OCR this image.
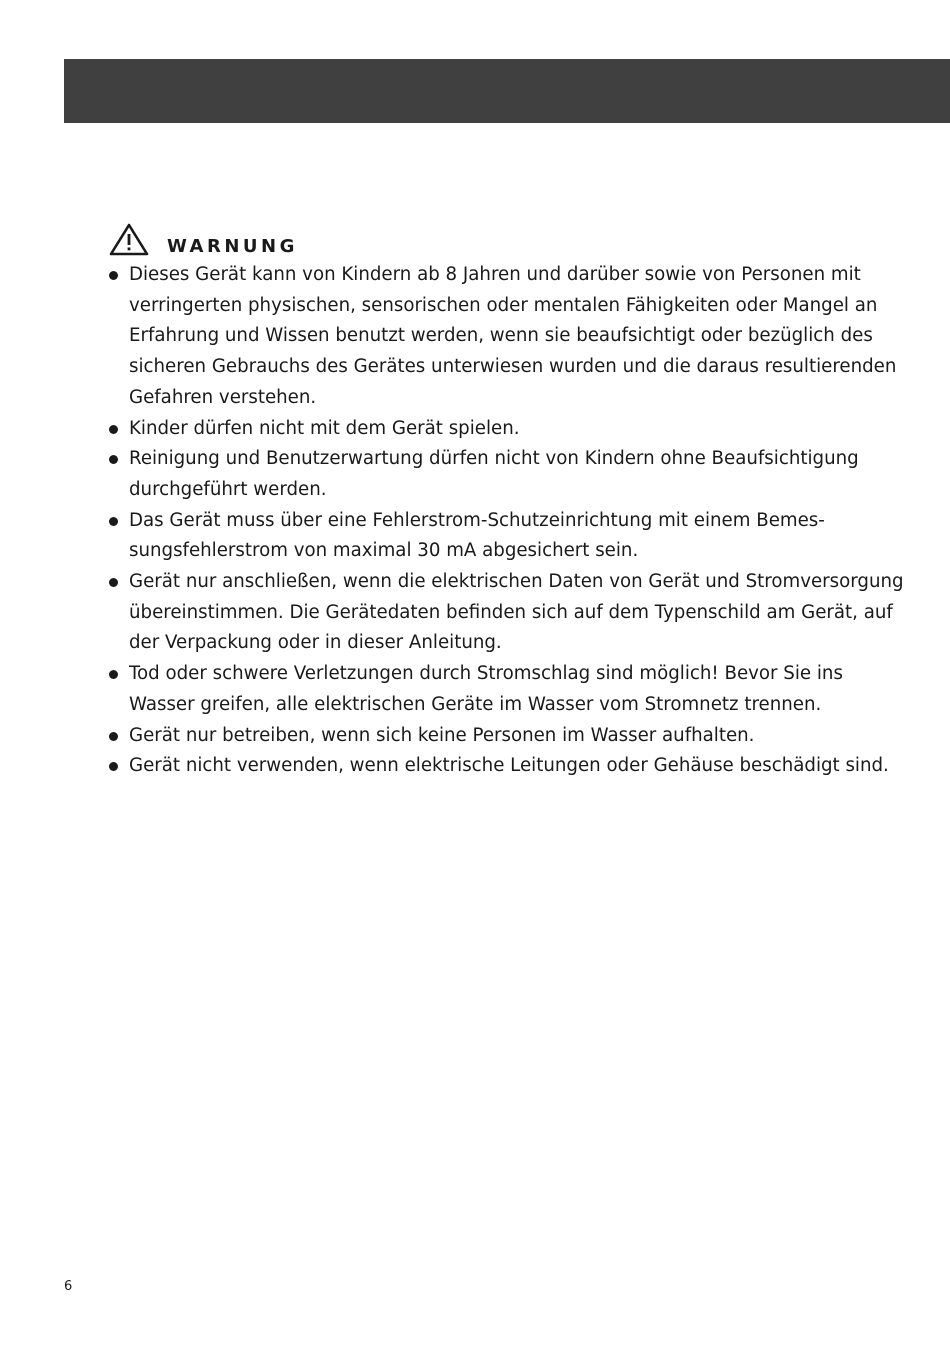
WARNUNG
Dieses Gerät kann von Kindern ab 8 Jahren und darüber sowie von Personen mit verringerten physischen, sensorischen oder mentalen Fähigkeiten oder Mangel an Erfahrung und Wissen benutzt werden, wenn sie beaufsichtigt oder bezüglich des sicheren Gebrauchs des Gerätes unterwiesen wurden und die daraus resultierenden Gefahren verstehen.
Kinder dürfen nicht mit dem Gerät spielen.
Reinigung und Benutzerwartung dürfen nicht von Kindern ohne Beaufsichtigung durchgeführt werden.
Das Gerät muss über eine Fehlerstrom-Schutzeinrichtung mit einem Bemessungsfehlerstrom von maximal 30 mA abgesichert sein.
Gerät nur anschließen, wenn die elektrischen Daten von Gerät und Stromversorgung übereinstimmen. Die Gerätedaten befinden sich auf dem Typenschild am Gerät, auf der Verpackung oder in dieser Anleitung.
Tod oder schwere Verletzungen durch Stromschlag sind möglich! Bevor Sie ins Wasser greifen, alle elektrischen Geräte im Wasser vom Stromnetz trennen.
Gerät nur betreiben, wenn sich keine Personen im Wasser aufhalten.
Gerät nicht verwenden, wenn elektrische Leitungen oder Gehäuse beschädigt sind.
6
